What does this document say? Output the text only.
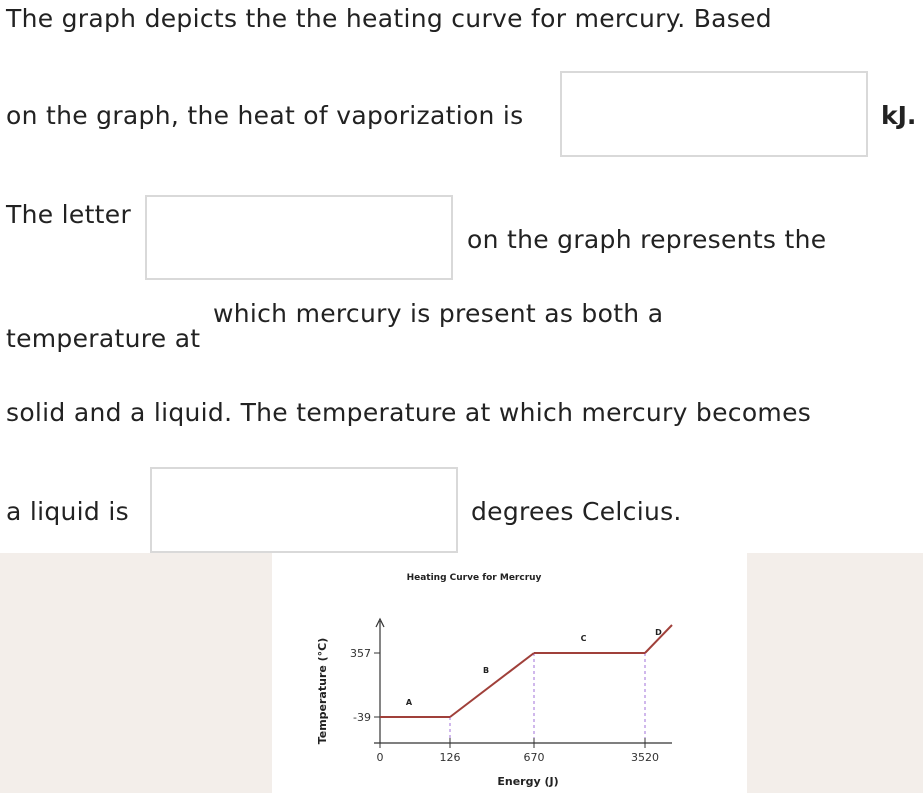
The graph depicts the the heating curve for mercury. Based
on the graph, the heat of vaporization is	kJ.
The letter
on the graph represents the
temperature at
which mercury is present as both a
solid and a liquid. The temperature at which mercury becomes
a liquid is	degrees Celcius.
Heating Curve for Mercruy
Temperature (°C)
Energy (J)
0	126	670	3520
357
-39
A
B
C
D
